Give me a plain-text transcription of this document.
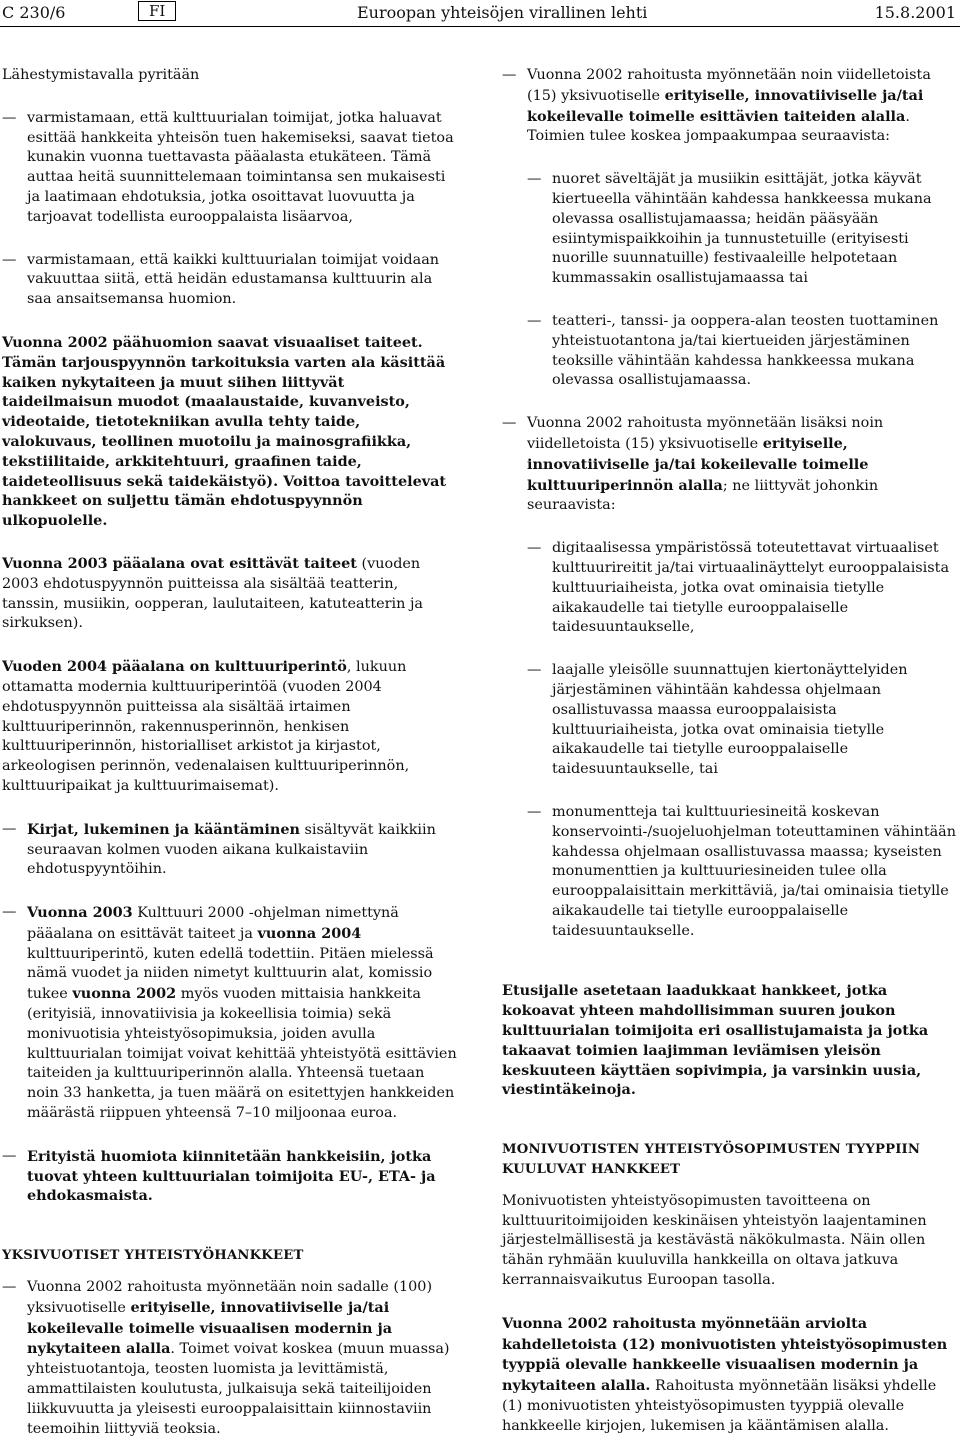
C 230/6	FI	Euroopan yhteisöjen virallinen lehti	15.8.2001

Lähestymistavalla pyritään

— varmistamaan, että kulttuurialan toimijat, jotka haluavat esittää hankkeita yhteisön tuen hakemiseksi, saavat tietoa kunakin vuonna tuettavasta pääalasta etukäteen. Tämä auttaa heitä suunnittelemaan toimintansa sen mukaisesti ja laatimaan ehdotuksia, jotka osoittavat luovuutta ja tarjoavat todellista eurooppalaista lisäarvoa,
— varmistamaan, että kaikki kulttuurialan toimijat voidaan vakuuttaa siitä, että heidän edustamansa kulttuurin ala saa ansaitsemansa huomion.

Vuonna 2002 päähuomion saavat visuaaliset taiteet. Tämän tarjouspyynnön tarkoituksia varten ala käsittää kaiken nykytaiteen ja muut siihen liittyvät taideilmaisun muodot (maalaustaide, kuvanveisto, videotaide, tietotekniikan avulla tehty taide, valokuvaus, teollinen muotoilu ja mainosgrafiikka, tekstiilitaide, arkkitehtuuri, graafinen taide, taideteollisuus sekä taidekäistyö). Voittoa tavoittelevat hankkeet on suljettu tämän ehdotuspyynnön ulkopuolelle.

Vuonna 2003 pääalana ovat esittävät taiteet (vuoden 2003 ehdotuspyynnön puitteissa ala sisältää teatterin, tanssin, musiikin, oopperan, laulutaiteen, katuteatterin ja sirkuksen).

Vuoden 2004 pääalana on kulttuuriperintö, lukuun ottamatta modernia kulttuuriperintöä (vuoden 2004 ehdotuspyynnön puitteissa ala sisältää irtaimen kulttuuriperinnön, rakennusperinnön, henkisen kulttuuriperinnön, historialliset arkistot ja kirjastot, arkeologisen perinnön, vedenalaisen kulttuuriperinnön, kulttuuripaikat ja kulttuurimaisemat).

— Kirjat, lukeminen ja kääntäminen sisältyvät kaikkiin seuraavan kolmen vuoden aikana kulkaistaviin ehdotuspyyntöihin.
— Vuonna 2003 Kulttuuri 2000 -ohjelman nimettynä pääalana on esittävät taiteet ja vuonna 2004 kulttuuriperintö, kuten edellä todettiin. Pitäen mielessä nämä vuodet ja niiden nimetyt kulttuurin alat, komissio tukee vuonna 2002 myös vuoden mittaisia hankkeita (erityisiä, innovatiivisia ja kokeellisia toimia) sekä monivuotisia yhteistyösopimuksia, joiden avulla kulttuurialan toimijat voivat kehittää yhteistyötä esittävien taiteiden ja kulttuuriperinnön alalla. Yhteensä tuetaan noin 33 hanketta, ja tuen määrä on esitettyjen hankkeiden määrästä riippuen yhteensä 7–10 miljoonaa euroa.
— Erityistä huomiota kiinnitetään hankkeisiin, jotka tuovat yhteen kulttuurialan toimijoita EU-, ETA- ja ehdokasmaista.

YKSIVUOTISET YHTEISTYÖHANKKEET

— Vuonna 2002 rahoitusta myönnetään noin sadalle (100) yksivuotiselle erityiselle, innovatiiviselle ja/tai kokeilevalle toimelle visuaalisen modernin ja nykytaiteen alalla. Toimet voivat koskea (muun muassa) yhteistuotantoja, teosten luomista ja levittämistä, ammattilaisten koulutusta, julkaisuja sekä taiteilijoiden liikkuvuutta ja yleisesti eurooppalaisittain kiinnostaviin teemoihin liittyviä teoksia.
— Vuonna 2002 rahoitusta myönnetään noin viidelletoista (15) yksivuotiselle erityiselle, innovatiiviselle ja/tai kokeilevalle toimelle esittävien taiteiden alalla. Toimien tulee koskea jompaakumpaa seuraavista:
— nuoret säveltäjät ja musiikin esittäjät, jotka käyvät kiertueella vähintään kahdessa hankkeessa mukana olevassa osallistujamaassa; heidän pääsyään esiintymispaikkoihin ja tunnustetuille (erityisesti nuorille suunnatuille) festivaaleille helpotetaan kummassakin osallistujamaassa tai
— teatteri-, tanssi- ja ooppera-alan teosten tuottaminen yhteistuotantona ja/tai kiertueiden järjestäminen teoksille vähintään kahdessa hankkeessa mukana olevassa osallistujamaassa.
— Vuonna 2002 rahoitusta myönnetään lisäksi noin viidelletoista (15) yksivuotiselle erityiselle, innovatiiviselle ja/tai kokeilevalle toimelle kulttuuriperinnön alalla; ne liittyvät johonkin seuraavista:
— digitaalisessa ympäristössä toteutettavat virtuaaliset kulttuurireitit ja/tai virtuaalinäyttelyt eurooppalaisista kulttuuriaiheista, jotka ovat ominaisia tietylle aikakaudelle tai tietylle eurooppalaiselle taidesuuntaukselle,
— laajalle yleisölle suunnattujen kiertonäyttelyiden järjestäminen vähintään kahdessa ohjelmaan osallistuvassa maassa eurooppalaisista kulttuuriaiheista, jotka ovat ominaisia tietylle aikakaudelle tai tietylle eurooppalaiselle taidesuuntaukselle, tai
— monumentteja tai kulttuuriesineitä koskevan konservointi-/suojeluohjelman toteuttaminen vähintään kahdessa ohjelmaan osallistuvassa maassa; kyseisten monumenttien ja kulttuuriesineiden tulee olla eurooppalaisittain merkittäviä, ja/tai ominaisia tietylle aikakaudelle tai tietylle eurooppalaiselle taidesuuntaukselle.

Etusijalle asetetaan laadukkaat hankkeet, jotka kokoavat yhteen mahdollisimman suuren joukon kulttuurialan toimijoita eri osallistujamaista ja jotka takaavat toimien laajimman leviämisen yleisön keskuuteen käyttäen sopivimpia, ja varsinkin uusia, viestintäkeinoja.

MONIVUOTISTEN YHTEISTYÖSOPIMUSTEN TYYPPIIN KUULUVAT HANKKEET

Monivuotisten yhteistyösopimusten tavoitteena on kulttuuritoimijoiden keskinäisen yhteistyön laajentaminen järjestelmällisestä ja kestävästä näkökulmasta. Näin ollen tähän ryhmään kuuluvilla hankkeilla on oltava jatkuva kerrannaisvaikutus Euroopan tasolla.

Vuonna 2002 rahoitusta myönnetään arviolta kahdelletoista (12) monivuotisten yhteistyösopimusten tyyppiä olevalle hankkeelle visuaalisen modernin ja nykytaiteen alalla. Rahoitusta myönnetään lisäksi yhdelle (1) monivuotisten yhteistyösopimusten tyyppiä olevalle hankkeelle kirjojen, lukemisen ja kääntämisen alalla.
